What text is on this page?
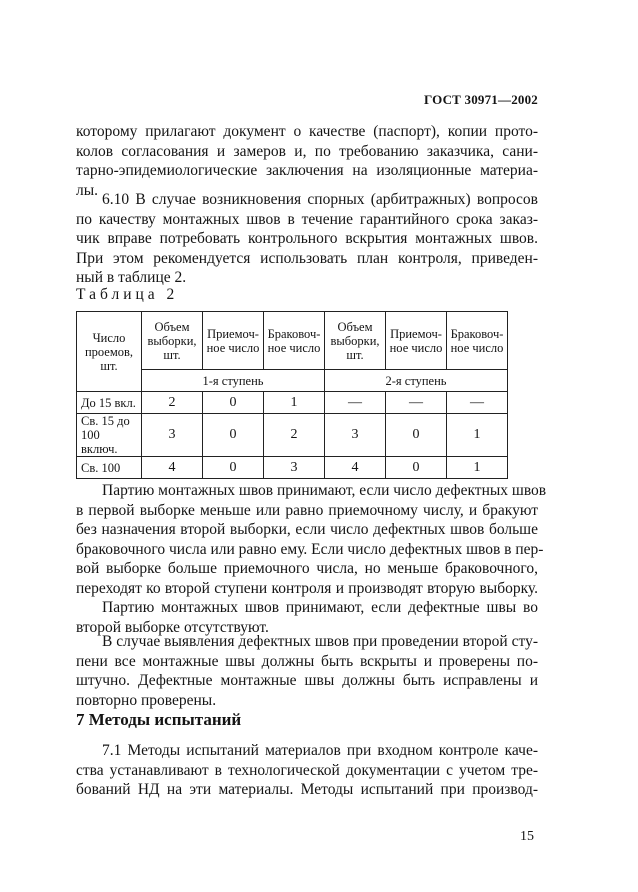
ГОСТ 30971—2002
которому прилагают документ о качестве (паспорт), копии прото-
колов согласования и замеров и, по требованию заказчика, сани-
тарно-эпидемиологические заключения на изоляционные материа-
лы.
6.10 В случае возникновения спорных (арбитражных) вопросов
по качеству монтажных швов в течение гарантийного срока заказ-
чик вправе потребовать контрольного вскрытия монтажных швов.
При этом рекомендуется использовать план контроля, приведен-
ный в таблице 2.
Таблица 2
Число проемов, шт.	Объем выборки, шт.	Приемоч-ное число	Браковоч-ное число	Объем выборки, шт.	Приемоч-ное число	Браковоч-ное число
	1-я ступень			2-я ступень		
До 15 вкл.	2	0	1	—	—	—
Св. 15 до 100 включ.	3	0	2	3	0	1
Св. 100	4	0	3	4	0	1
Партию монтажных швов принимают, если число дефектных швов
в первой выборке меньше или равно приемочному числу, и бракуют
без назначения второй выборки, если число дефектных швов больше
браковочного числа или равно ему. Если число дефектных швов в пер-
вой выборке больше приемочного числа, но меньше браковочного,
переходят ко второй ступени контроля и производят вторую выборку.
Партию монтажных швов принимают, если дефектные швы во
второй выборке отсутствуют.
В случае выявления дефектных швов при проведении второй сту-
пени все монтажные швы должны быть вскрыты и проверены по-
штучно. Дефектные монтажные швы должны быть исправлены и
повторно проверены.
7 Методы испытаний
7.1 Методы испытаний материалов при входном контроле каче-
ства устанавливают в технологической документации с учетом тре-
бований НД на эти материалы. Методы испытаний при производ-
15
